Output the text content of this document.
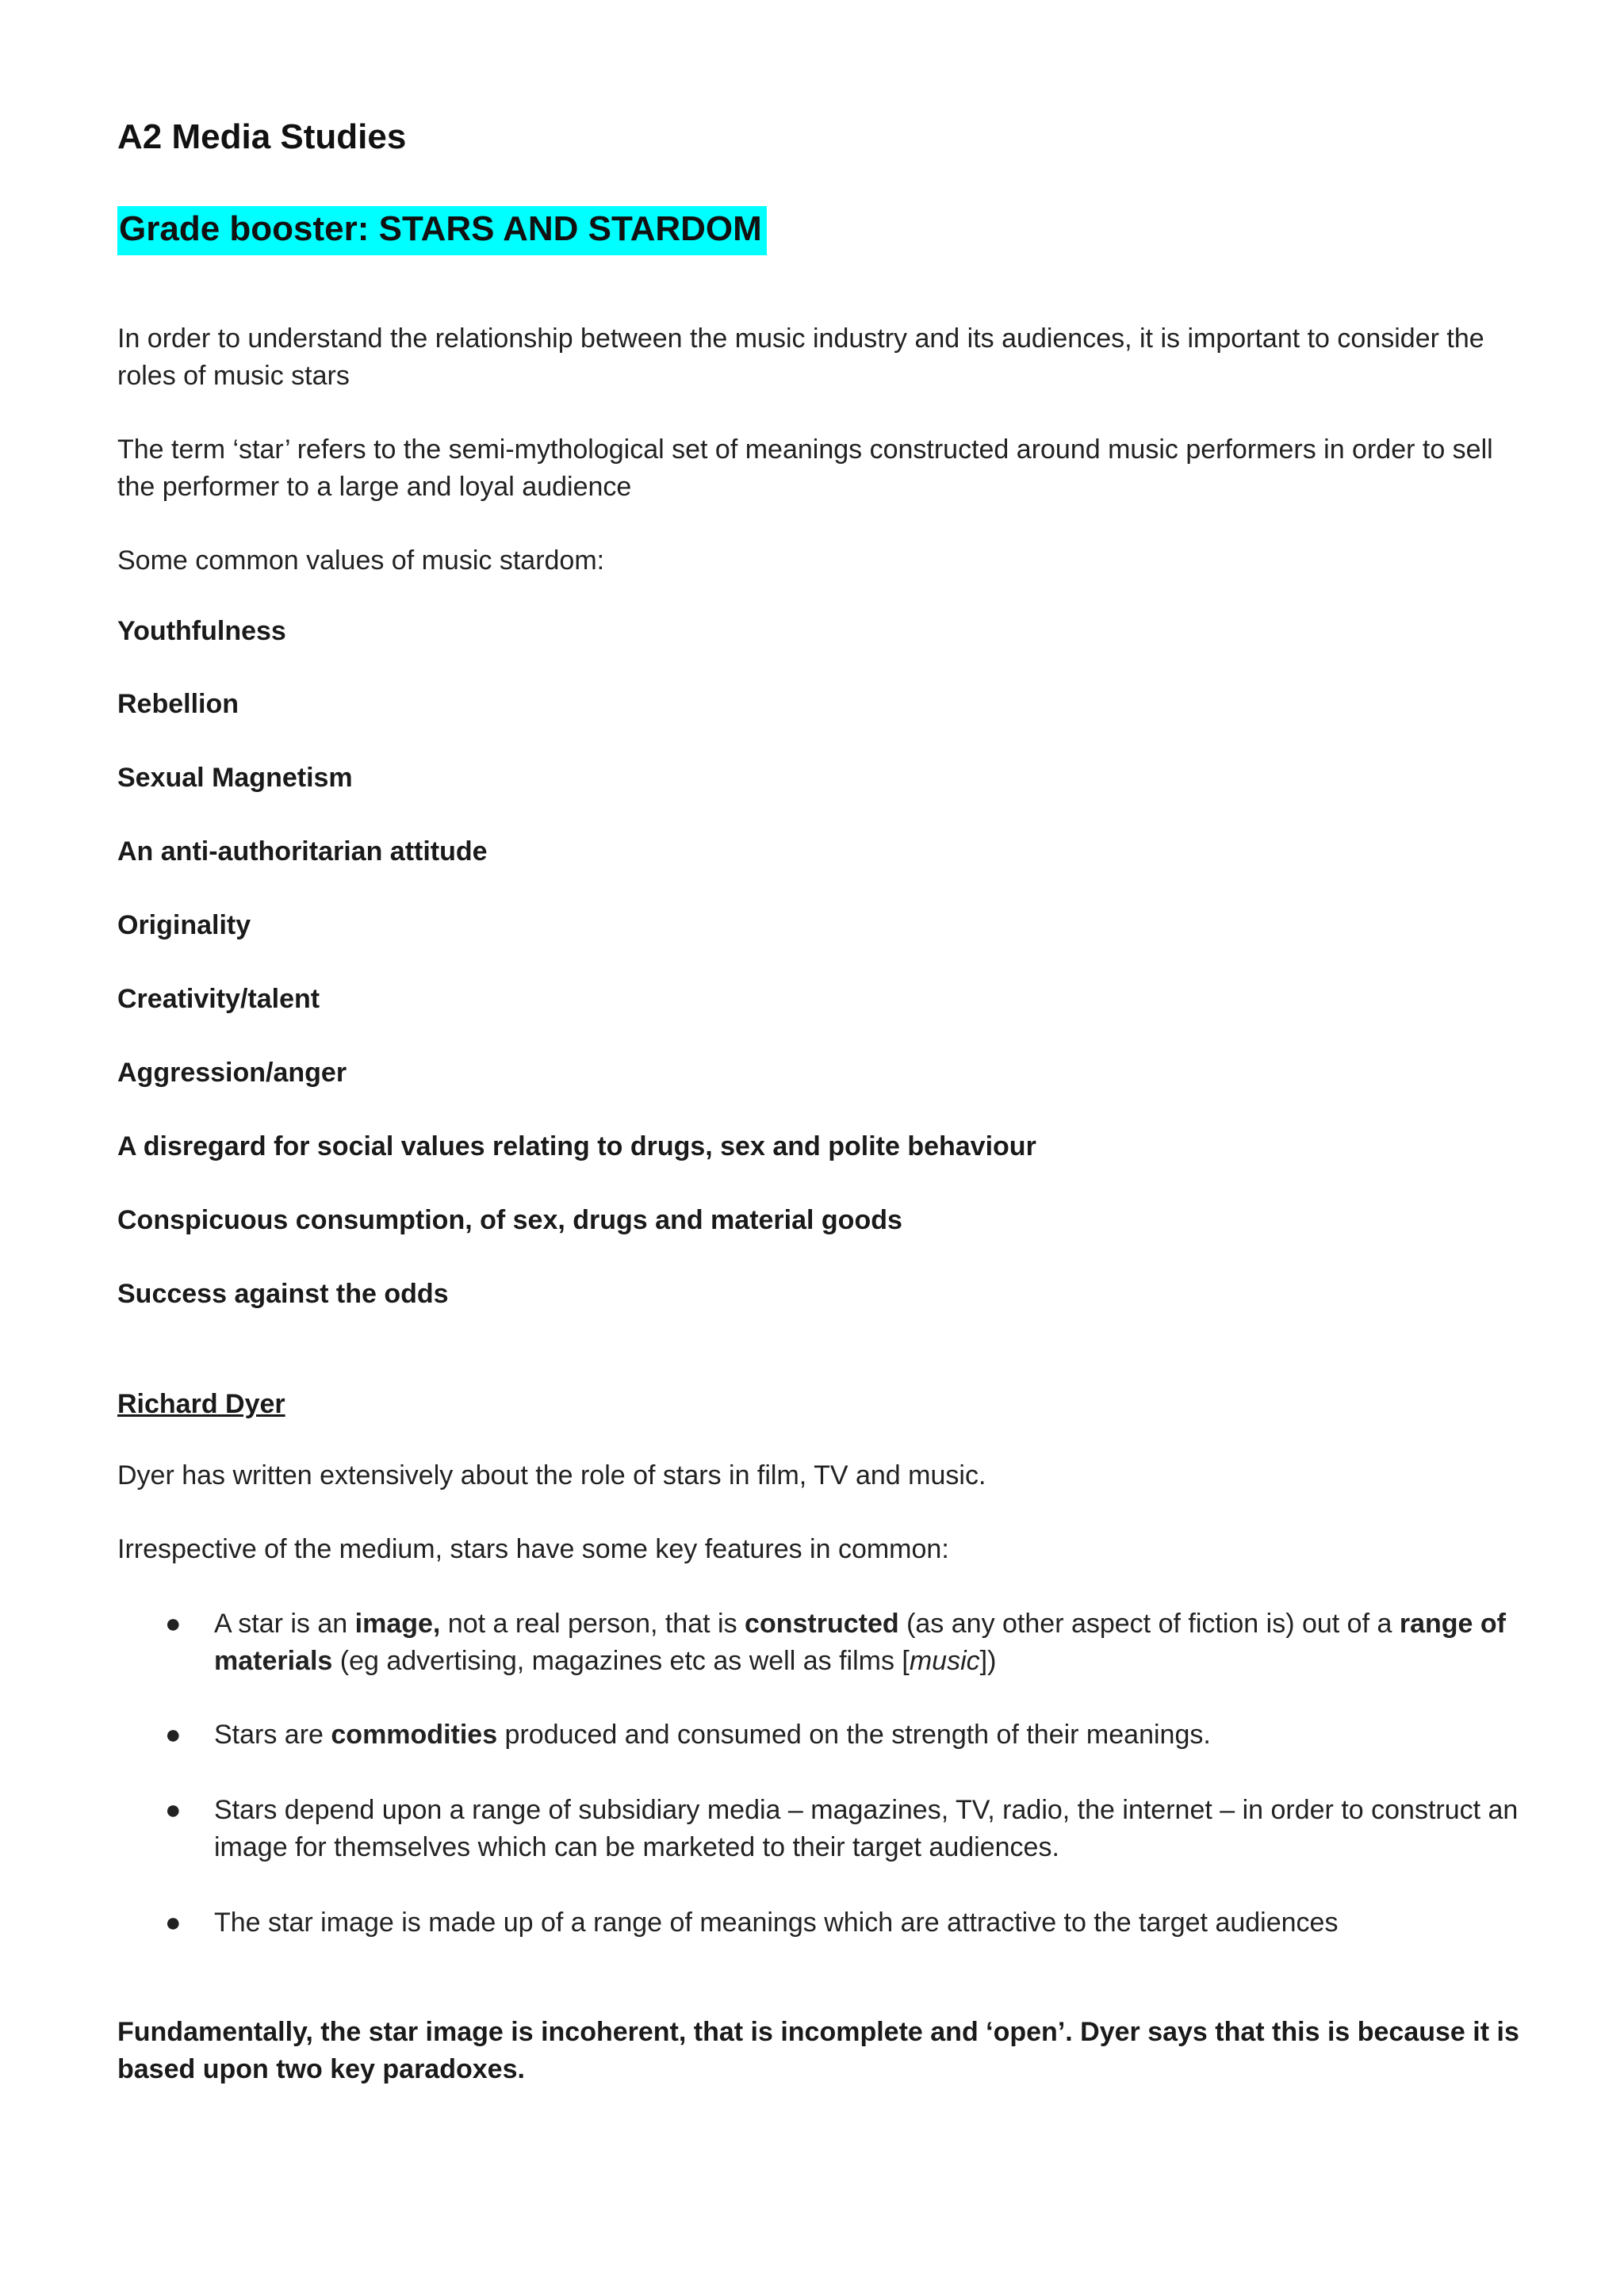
A2 Media Studies
Grade booster: STARS AND STARDOM

In order to understand the relationship between the music industry and its audiences, it is important to consider the roles of music stars

The term ‘star’ refers to the semi-mythological set of meanings constructed around music performers in order to sell the performer to a large and loyal audience

Some common values of music stardom:

Youthfulness

Rebellion

Sexual Magnetism

An anti-authoritarian attitude

Originality

Creativity/talent

Aggression/anger

A disregard for social values relating to drugs, sex and polite behaviour

Conspicuous consumption, of sex, drugs and material goods

Success against the odds

Richard Dyer

Dyer has written extensively about the role of stars in film, TV and music.

Irrespective of the medium, stars have some key features in common:

● A star is an image, not a real person, that is constructed (as any other aspect of fiction is) out of a range of materials (eg advertising, magazines etc as well as films [music])
● Stars are commodities produced and consumed on the strength of their meanings.
● Stars depend upon a range of subsidiary media – magazines, TV, radio, the internet – in order to construct an image for themselves which can be marketed to their target audiences.
● The star image is made up of a range of meanings which are attractive to the target audiences

Fundamentally, the star image is incoherent, that is incomplete and ‘open’. Dyer says that this is because it is based upon two key paradoxes.
